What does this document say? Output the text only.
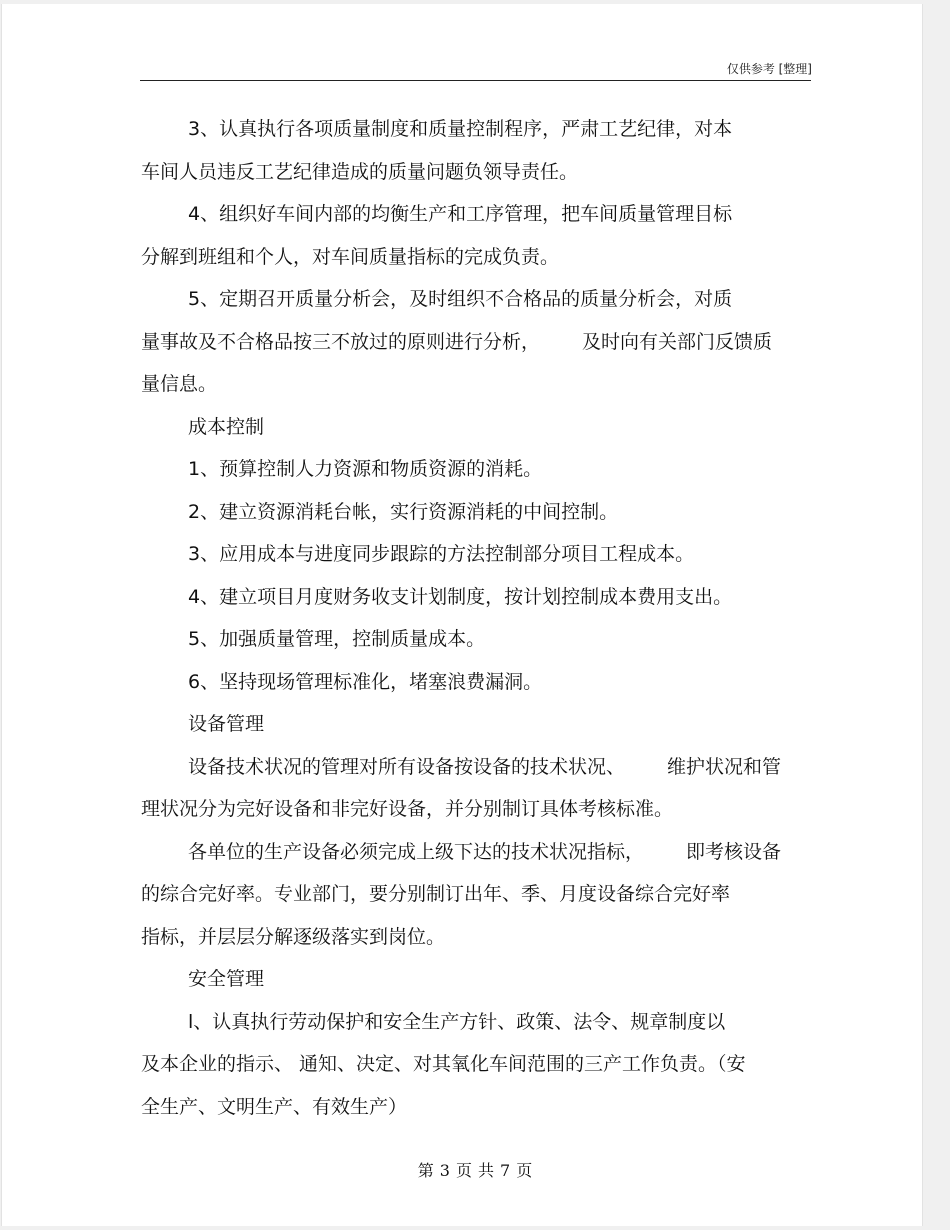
仅供参考 [整理]
3、认真执行各项质量制度和质量控制程序，严肃工艺纪律，对本
车间人员违反工艺纪律造成的质量问题负领导责任。
4、组织好车间内部的均衡生产和工序管理，把车间质量管理目标
分解到班组和个人，对车间质量指标的完成负责。
5、定期召开质量分析会，及时组织不合格品的质量分析会，对质
量事故及不合格品按三不放过的原则进行分析， 及时向有关部门反馈质
量信息。
成本控制
1、预算控制人力资源和物质资源的消耗。
2、建立资源消耗台帐，实行资源消耗的中间控制。
3、应用成本与进度同步跟踪的方法控制部分项目工程成本。
4、建立项目月度财务收支计划制度，按计划控制成本费用支出。
5、加强质量管理，控制质量成本。
6、坚持现场管理标准化，堵塞浪费漏洞。
设备管理
设备技术状况的管理对所有设备按设备的技术状况、 维护状况和管
理状况分为完好设备和非完好设备，并分别制订具体考核标准。
各单位的生产设备必须完成上级下达的技术状况指标， 即考核设备
的综合完好率。专业部门，要分别制订出年、季、月度设备综合完好率
指标，并层层分解逐级落实到岗位。
安全管理
l、认真执行劳动保护和安全生产方针、政策、法令、规章制度以
及本企业的指示、 通知、决定、对其氧化车间范围的三产工作负责。（安
全生产、文明生产、有效生产）
第 3 页 共 7 页
